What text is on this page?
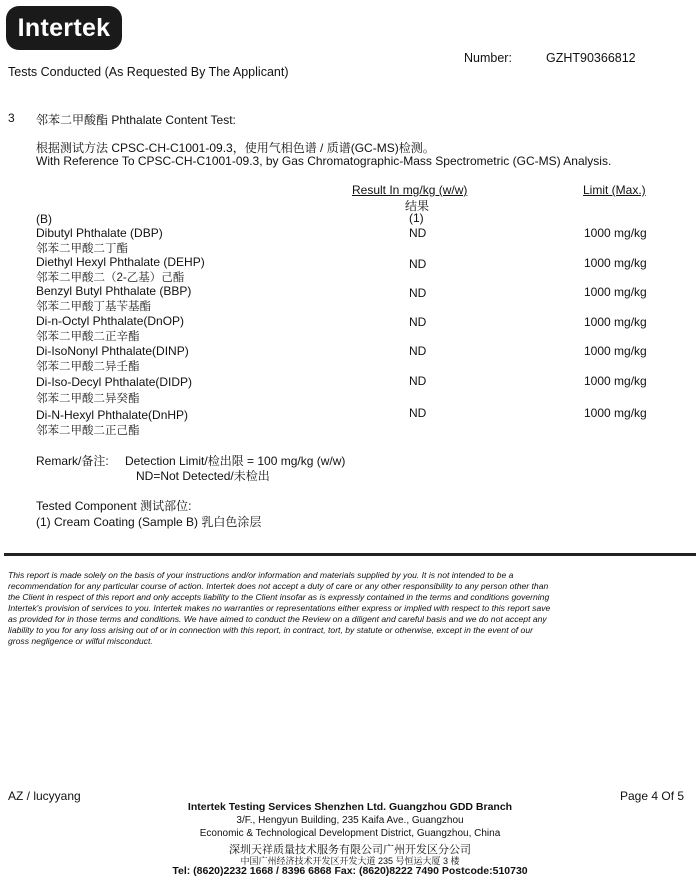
Intertek
Number:	GZHT90366812
Tests Conducted (As Requested By The Applicant)
3 邻苯二甲酸酯 Phthalate Content Test:
根据测试方法 CPSC-CH-C1001-09.3，使用气相色谱 / 质谱(GC-MS)检测。
With Reference To CPSC-CH-C1001-09.3, by Gas Chromatographic-Mass Spectrometric (GC-MS) Analysis.
Result In mg/kg (w/w)	Limit (Max.)
结果
(1)
(B)
Dibutyl Phthalate (DBP)
邻苯二甲酸二丁酯
ND	1000 mg/kg
Diethyl Hexyl Phthalate (DEHP)
邻苯二甲酸二（2-乙基）己酯
ND	1000 mg/kg
Benzyl Butyl Phthalate (BBP)
邻苯二甲酸丁基苄基酯
ND	1000 mg/kg
Di-n-Octyl Phthalate(DnOP)
邻苯二甲酸二正辛酯
ND	1000 mg/kg
Di-IsoNonyl Phthalate(DINP)
邻苯二甲酸二异壬酯
ND	1000 mg/kg
Di-Iso-Decyl Phthalate(DIDP)
邻苯二甲酸二异癸酯
ND	1000 mg/kg
Di-N-Hexyl Phthalate(DnHP)
邻苯二甲酸二正己酯
ND	1000 mg/kg
Remark/备注: Detection Limit/检出限 = 100 mg/kg (w/w)
ND=Not Detected/未检出
Tested Component 测试部位:
(1) Cream Coating (Sample B) 乳白色涂层

This report is made solely on the basis of your instructions and/or information and materials supplied by you. It is not intended to be a

recommendation for any particular course of action. Intertek does not accept a duty of care or any other responsibility to any person other than

the Client in respect of this report and only accepts liability to the Client insofar as is expressly contained in the terms and conditions governing

Intertek's provision of services to you. Intertek makes no warranties or representations either express or implied with respect to this report save

as provided for in those terms and conditions. We have aimed to conduct the Review on a diligent and careful basis and we do not accept any

liability to you for any loss arising out of or in connection with this report, in contract, tort, by statute or otherwise, except in the event of our

gross negligence or wilful misconduct.

AZ / lucyyang	Page 4 Of 5
Intertek Testing Services Shenzhen Ltd. Guangzhou GDD Branch
3/F., Hengyun Building, 235 Kaifa Ave., Guangzhou
Economic & Technological Development District, Guangzhou, China
深圳天祥质量技术服务有限公司广州开发区分公司
中国广州经济技术开发区开发大道 235 号恒运大厦 3 楼
Tel: (8620)2232 1668 / 8396 6868 Fax: (8620)8222 7490 Postcode:510730
